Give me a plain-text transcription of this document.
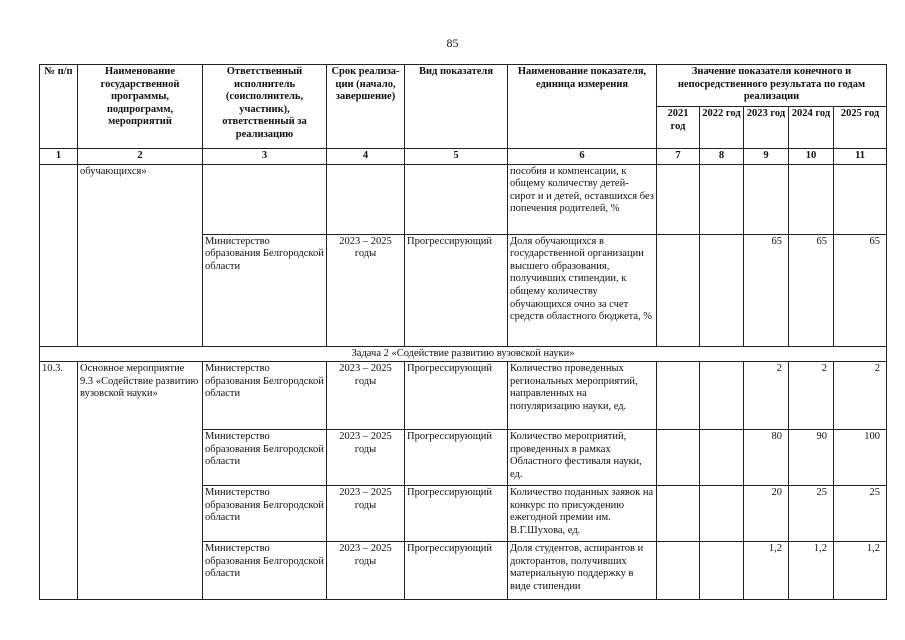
85
№ п/п	Наименование государственной программы, подпрограмм, мероприятий	Ответственный исполнитель (соисполнитель, участник), ответственный за реализацию	Срок реализа-ции (начало, завершение)	Вид показателя	Наименование показателя, единица измерения	Значение показателя конечного и непосредственного результата по годам реализации				
						2021 год	2022 год	2023 год	2024 год	2025 год
1	2	3	4	5	6	7	8	9	10	11
	обучающихся»				пособия и компенсации, к общему количеству детей- сирот и и детей, оставшихся без попечения родителей, %					
		Министерство образования Белгородской области	2023 – 2025 годы	Прогрессирующий	Доля обучающихся в государственной организации высшего образования, получивших стипендии, к общему количеству обучающихся очно за счет средств областного бюджета, %			65	65	65
Задача 2 «Содействие развитию вузовской науки»										
10.3.	Основное мероприятие 9.3 «Содействие развитию вузовской науки»	Министерство образования Белгородской области	2023 – 2025 годы	Прогрессирующий	Количество проведенных региональных мероприятий, направленных на популяризацию науки, ед.			2	2	2
		Министерство образования Белгородской области	2023 – 2025 годы	Прогрессирующий	Количество мероприятий, проведенных в рамках Областного фестиваля науки, ед.			80	90	100
		Министерство образования Белгородской области	2023 – 2025 годы	Прогрессирующий	Количество поданных заявок на конкурс по присуждению ежегодной премии им. В.Г.Шухова, ед.			20	25	25
		Министерство образования Белгородской области	2023 – 2025 годы	Прогрессирующий	Доля студентов, аспирантов и докторантов, получивших материальную поддержку в виде стипендии			1,2	1,2	1,2
